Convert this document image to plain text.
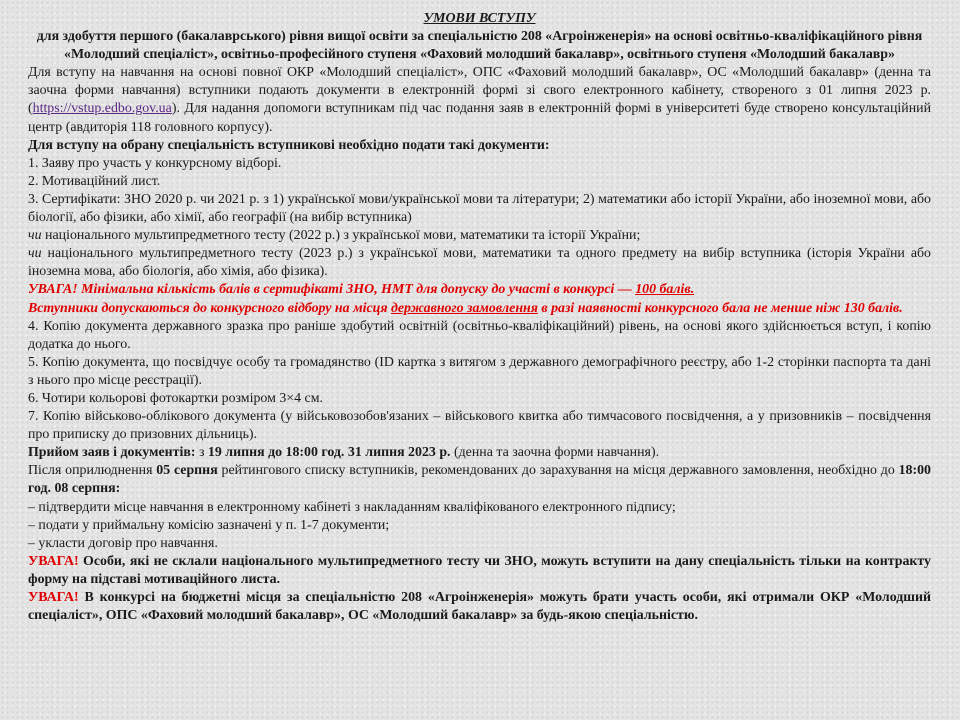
УМОВИ ВСТУПУ
для здобуття першого (бакалаврського) рівня вищої освіти за спеціальністю 208 «Агроінженерія» на основі освітньо-кваліфікаційного рівня «Молодший спеціаліст», освітньо-професійного ступеня «Фаховий молодший бакалавр», освітнього ступеня «Молодший бакалавр»

Для вступу на навчання на основі повної ОКР «Молодший спеціаліст», ОПС «Фаховий молодший бакалавр», ОС «Молодший бакалавр» (денна та заочна форми навчання) вступники подають документи в електронній формі зі свого електронного кабінету, створеного з 01 липня 2023 р. (https://vstup.edbo.gov.ua). Для надання допомоги вступникам під час подання заяв в електронній формі в університеті буде створено консультаційний центр (авдиторія 118 головного корпусу).

Для вступу на обрану спеціальність вступникові необхідно подати такі документи:

1. Заяву про участь у конкурсному відборі.

2. Мотиваційний лист.

3. Сертифікати: ЗНО 2020 р. чи 2021 р. з 1) української мови/української мови та літератури; 2) математики або історії України, або іноземної мови, або біології, або фізики, або хімії, або географії (на вибір вступника)

чи національного мультипредметного тесту (2022 р.) з української мови, математики та історії України;

чи національного мультипредметного тесту (2023 р.) з української мови, математики та одного предмету на вибір вступника (історія України або іноземна мова, або біологія, або хімія, або фізика).

УВАГА! Мінімальна кількість балів в сертифікаті ЗНО, НМТ для допуску до участі в конкурсі — 100 балів.

Вступники допускаються до конкурсного відбору на місця державного замовлення в разі наявності конкурсного бала не менше ніж 130 балів.

4. Копію документа державного зразка про раніше здобутий освітній (освітньо-кваліфікаційний) рівень, на основі якого здійснюється вступ, і копію додатка до нього.

5. Копію документа, що посвідчує особу та громадянство (ID картка з витягом з державного демографічного реєстру, або 1-2 сторінки паспорта та дані з нього про місце реєстрації).

6. Чотири кольорові фотокартки розміром 3×4 см.

7. Копію військово-облікового документа (у військовозобов'язаних – військового квитка або тимчасового посвідчення, а у призовників – посвідчення про приписку до призовних дільниць).

Прийом заяв і документів: з 19 липня до 18:00 год. 31 липня 2023 р. (денна та заочна форми навчання).

Після оприлюднення 05 серпня рейтингового списку вступників, рекомендованих до зарахування на місця державного замовлення, необхідно до 18:00 год. 08 серпня:

– підтвердити місце навчання в електронному кабінеті з накладанням кваліфікованого електронного підпису;

– подати у приймальну комісію зазначені у п. 1-7 документи;

– укласти договір про навчання.

УВАГА! Особи, які не склали національного мультипредметного тесту чи ЗНО, можуть вступити на дану спеціальність тільки на контракту форму на підставі мотиваційного листа.

УВАГА! В конкурсі на бюджетні місця за спеціальністю 208 «Агроінженерія» можуть брати участь особи, які отримали ОКР «Молодший спеціаліст», ОПС «Фаховий молодший бакалавр», ОС «Молодший бакалавр» за будь-якою спеціальністю.
